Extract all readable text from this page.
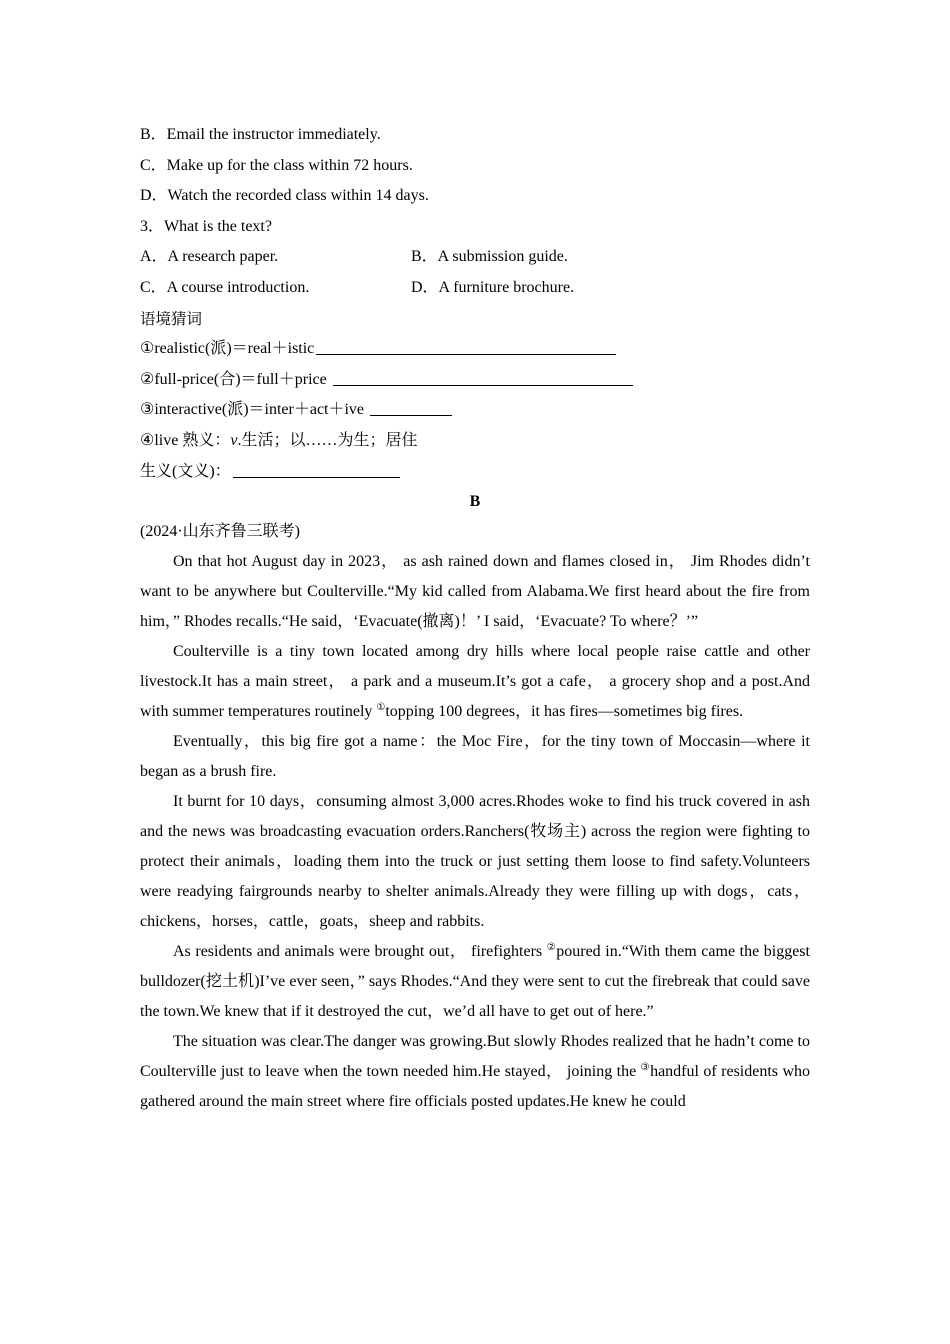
B．Email the instructor immediately.
C．Make up for the class within 72 hours.
D．Watch the recorded class within 14 days.
3．What is the text?
A．A research paper.	B．A submission guide.
C．A course introduction.	D．A furniture brochure.
语境猜词
①realistic(派)＝real＋istic
②full-price(合)＝full＋price
③interactive(派)＝inter＋act＋ive
④live 熟义：v.生活；以……为生；居住
生义(文义)：
B
(2024·山东齐鲁三联考)

On that hot August day in 2023， as ash rained down and flames closed in， Jim Rhodes didn’t want to be anywhere but Coulterville.“My kid called from Alabama.We first heard about the fire from him，” Rhodes recalls.“He said，‘Evacuate(撤离)！’ I said，‘Evacuate? To where？’”

Coulterville is a tiny town located among dry hills where local people raise cattle and other livestock.It has a main street， a park and a museum.It’s got a cafe， a grocery shop and a post.And with summer temperatures routinely ①topping 100 degrees，it has fires—sometimes big fires.

Eventually，this big fire got a name：the Moc Fire，for the tiny town of Moccasin—where it began as a brush fire.

It burnt for 10 days，consuming almost 3,000 acres.Rhodes woke to find his truck covered in ash and the news was broadcasting evacuation orders.Ranchers(牧场主) across the region were fighting to protect their animals，loading them into the truck or just setting them loose to find safety.Volunteers were readying fairgrounds nearby to shelter animals.Already they were filling up with dogs，cats，chickens，horses，cattle，goats，sheep and rabbits.

As residents and animals were brought out， firefighters ②poured in.“With them came the biggest bulldozer(挖土机)I’ve ever seen，” says Rhodes.“And they were sent to cut the firebreak that could save the town.We knew that if it destroyed the cut，we’d all have to get out of here.”

The situation was clear.The danger was growing.But slowly Rhodes realized that he hadn’t come to Coulterville just to leave when the town needed him.He stayed， joining the ③handful of residents who gathered around the main street where fire officials posted updates.He knew he could
